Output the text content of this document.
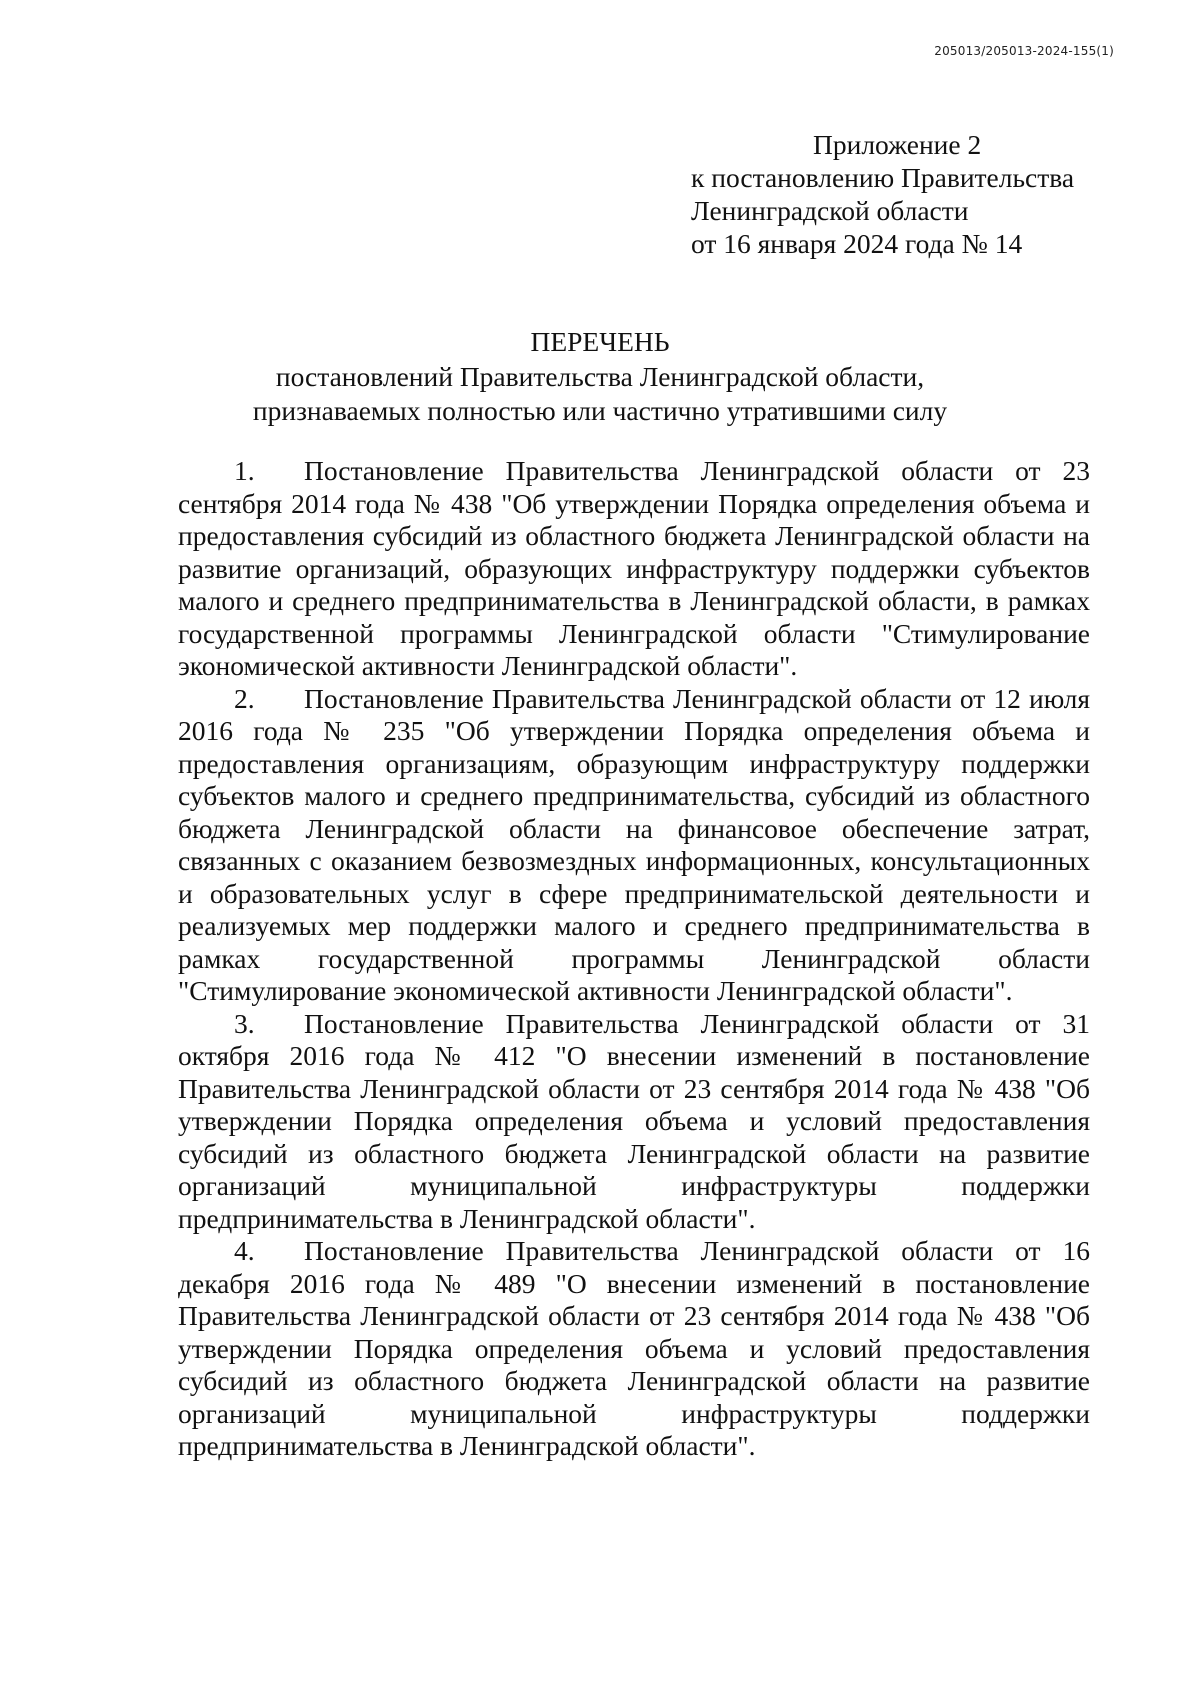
205013/205013-2024-155(1)
Приложение 2
к постановлению Правительства
Ленинградской области
от 16 января 2024 года № 14
ПЕРЕЧЕНЬ
постановлений Правительства Ленинградской области,
признаваемых полностью или частично утратившими силу

1. Постановление Правительства Ленинградской области от 23 сентября 2014 года № 438 "Об утверждении Порядка определения объема и предоставления субсидий из областного бюджета Ленинградской области на развитие организаций, образующих инфраструктуру поддержки субъектов малого и среднего предпринимательства в Ленинградской области, в рамках государственной программы Ленинградской области "Стимулирование экономической активности Ленинградской области".

2. Постановление Правительства Ленинградской области от 12 июля 2016 года № 235 "Об утверждении Порядка определения объема и предоставления организациям, образующим инфраструктуру поддержки субъектов малого и среднего предпринимательства, субсидий из областного бюджета Ленинградской области на финансовое обеспечение затрат, связанных с оказанием безвозмездных информационных, консультационных и образовательных услуг в сфере предпринимательской деятельности и реализуемых мер поддержки малого и среднего предпринимательства в рамках государственной программы Ленинградской области "Стимулирование экономической активности Ленинградской области".

3. Постановление Правительства Ленинградской области от 31 октября 2016 года № 412 "О внесении изменений в постановление Правительства Ленинградской области от 23 сентября 2014 года № 438 "Об утверждении Порядка определения объема и условий предоставления субсидий из областного бюджета Ленинградской области на развитие организаций муниципальной инфраструктуры поддержки предпринимательства в Ленинградской области".

4. Постановление Правительства Ленинградской области от 16 декабря 2016 года № 489 "О внесении изменений в постановление Правительства Ленинградской области от 23 сентября 2014 года № 438 "Об утверждении Порядка определения объема и условий предоставления субсидий из областного бюджета Ленинградской области на развитие организаций муниципальной инфраструктуры поддержки предпринимательства в Ленинградской области".
